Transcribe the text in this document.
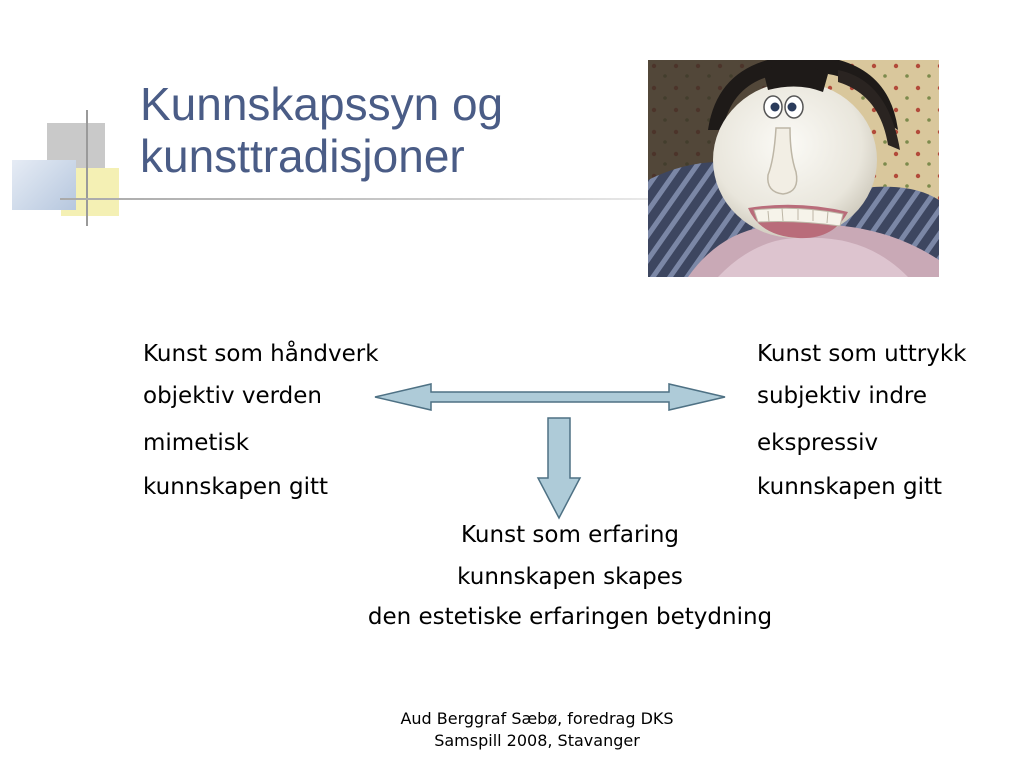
Kunnskapssyn og
kunsttradisjoner
Kunst som håndverk
objektiv verden
mimetisk
kunnskapen gitt
Kunst som uttrykk
subjektiv indre
ekspressiv
kunnskapen gitt
Kunst som erfaring
kunnskapen skapes
den estetiske erfaringen betydning
Aud Berggraf Sæbø, foredrag DKS
Samspill 2008, Stavanger
